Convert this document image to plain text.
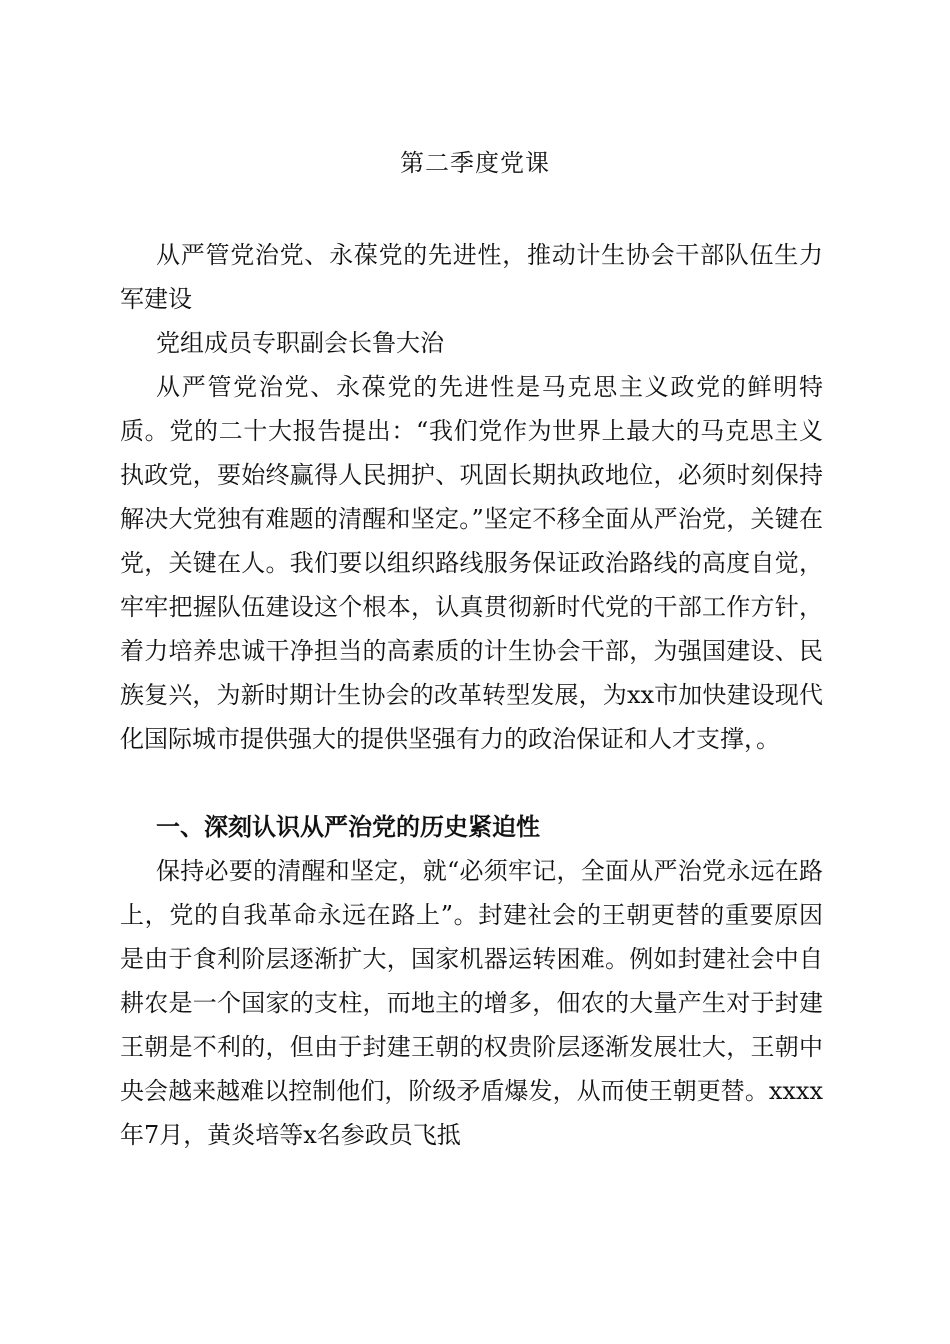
第二季度党课

从严管党治党、永葆党的先进性，推动计生协会干部队伍生力军建设

党组成员专职副会长鲁大治

从严管党治党、永葆党的先进性是马克思主义政党的鲜明特质。党的二十大报告提出：“我们党作为世界上最大的马克思主义执政党，要始终赢得人民拥护、巩固长期执政地位，必须时刻保持解决大党独有难题的清醒和坚定。”坚定不移全面从严治党，关键在党，关键在人。我们要以组织路线服务保证政治路线的高度自觉，牢牢把握队伍建设这个根本，认真贯彻新时代党的干部工作方针，着力培养忠诚干净担当的高素质的计生协会干部，为强国建设、民族复兴，为新时期计生协会的改革转型发展，为xx市加快建设现代化国际城市提供强大的提供坚强有力的政治保证和人才支撑，。

一、深刻认识从严治党的历史紧迫性

保持必要的清醒和坚定，就“必须牢记，全面从严治党永远在路上，党的自我革命永远在路上”。封建社会的王朝更替的重要原因是由于食利阶层逐渐扩大，国家机器运转困难。例如封建社会中自耕农是一个国家的支柱，而地主的增多，佃农的大量产生对于封建王朝是不利的，但由于封建王朝的权贵阶层逐渐发展壮大，王朝中央会越来越难以控制他们，阶级矛盾爆发，从而使王朝更替。xxxx年7月，黄炎培等x名参政员飞抵
